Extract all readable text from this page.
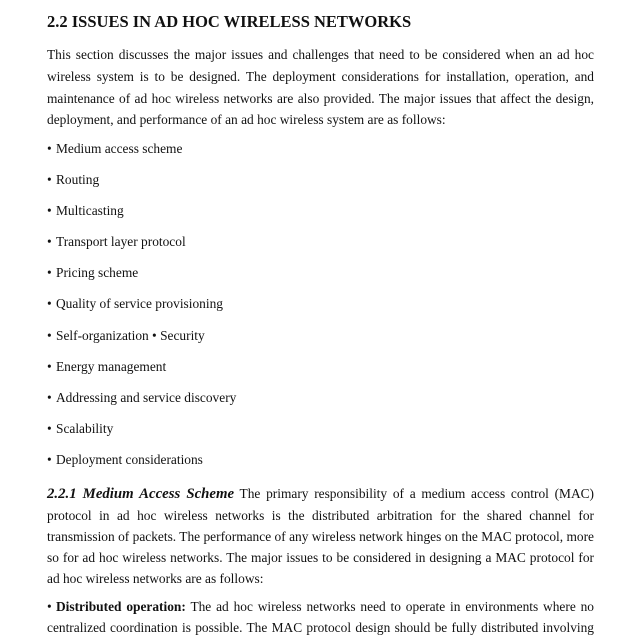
2.2 ISSUES IN AD HOC WIRELESS NETWORKS

This section discusses the major issues and challenges that need to be considered when an ad hoc wireless system is to be designed. The deployment considerations for installation, operation, and maintenance of ad hoc wireless networks are also provided. The major issues that affect the design, deployment, and performance of an ad hoc wireless system are as follows:

• Medium access scheme
• Routing
• Multicasting
• Transport layer protocol
• Pricing scheme
• Quality of service provisioning
• Self-organization • Security
• Energy management
• Addressing and service discovery
• Scalability
• Deployment considerations

2.2.1 Medium Access Scheme The primary responsibility of a medium access control (MAC) protocol in ad hoc wireless networks is the distributed arbitration for the shared channel for transmission of packets. The performance of any wireless network hinges on the MAC protocol, more so for ad hoc wireless networks. The major issues to be considered in designing a MAC protocol for ad hoc wireless networks are as follows:

• Distributed operation: The ad hoc wireless networks need to operate in environments where no centralized coordination is possible. The MAC protocol design should be fully distributed involving
